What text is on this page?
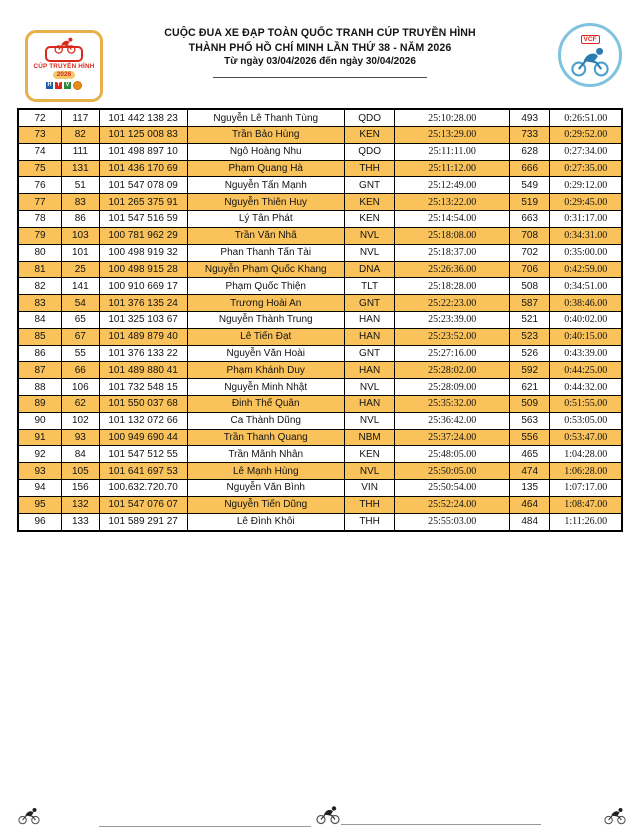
CÚP TRUYỀN HÌNH
2026
H T V
CUỘC ĐUA XE ĐẠP TOÀN QUỐC TRANH CÚP TRUYỀN HÌNH
THÀNH PHỐ HỒ CHÍ MINH LẦN THỨ 38 - NĂM 2026
Từ ngày 03/04/2026 đến ngày 30/04/2026
VCF
72	117	101 442 138 23	Nguyễn Lê Thanh Tùng	QDO	25:10:28.00	493	0:26:51.00
73	82	101 125 008 83	Trần Bảo Hùng	KEN	25:13:29.00	733	0:29:52.00
74	111	101 498 897 10	Ngô Hoàng Nhu	QDO	25:11:11.00	628	0:27:34.00
75	131	101 436 170 69	Phạm Quang Hà	THH	25:11:12.00	666	0:27:35.00
76	51	101 547 078 09	Nguyễn Tấn Mạnh	GNT	25:12:49.00	549	0:29:12.00
77	83	101 265 375 91	Nguyễn Thiên Huy	KEN	25:13:22.00	519	0:29:45.00
78	86	101 547 516 59	Lý Tân Phát	KEN	25:14:54.00	663	0:31:17.00
79	103	100 781 962 29	Trần Văn Nhã	NVL	25:18:08.00	708	0:34:31.00
80	101	100 498 919 32	Phan Thanh Tấn Tài	NVL	25:18:37.00	702	0:35:00.00
81	25	100 498 915 28	Nguyễn Phạm Quốc Khang	DNA	25:26:36.00	706	0:42:59.00
82	141	100 910 669 17	Phạm Quốc Thiện	TLT	25:18:28.00	508	0:34:51.00
83	54	101 376 135 24	Trương Hoài An	GNT	25:22:23.00	587	0:38:46.00
84	65	101 325 103 67	Nguyễn Thành Trung	HAN	25:23:39.00	521	0:40:02.00
85	67	101 489 879 40	Lê Tiến Đạt	HAN	25:23:52.00	523	0:40:15.00
86	55	101 376 133 22	Nguyễn Văn Hoài	GNT	25:27:16.00	526	0:43:39.00
87	66	101 489 880 41	Phạm Khánh Duy	HAN	25:28:02.00	592	0:44:25.00
88	106	101 732 548 15	Nguyễn Minh Nhật	NVL	25:28:09.00	621	0:44:32.00
89	62	101 550 037 68	Đinh Thế Quân	HAN	25:35:32.00	509	0:51:55.00
90	102	101 132 072 66	Ca Thành Dũng	NVL	25:36:42.00	563	0:53:05.00
91	93	100 949 690 44	Trần Thanh Quang	NBM	25:37:24.00	556	0:53:47.00
92	84	101 547 512 55	Trần Mãnh Nhân	KEN	25:48:05.00	465	1:04:28.00
93	105	101 641 697 53	Lê Mạnh Hùng	NVL	25:50:05.00	474	1:06:28.00
94	156	100.632.720.70	Nguyễn Văn Bình	VIN	25:50:54.00	135	1:07:17.00
95	132	101 547 076 07	Nguyễn Tiến Dũng	THH	25:52:24.00	464	1:08:47.00
96	133	101 589 291 27	Lê Đình Khôi	THH	25:55:03.00	484	1:11:26.00
